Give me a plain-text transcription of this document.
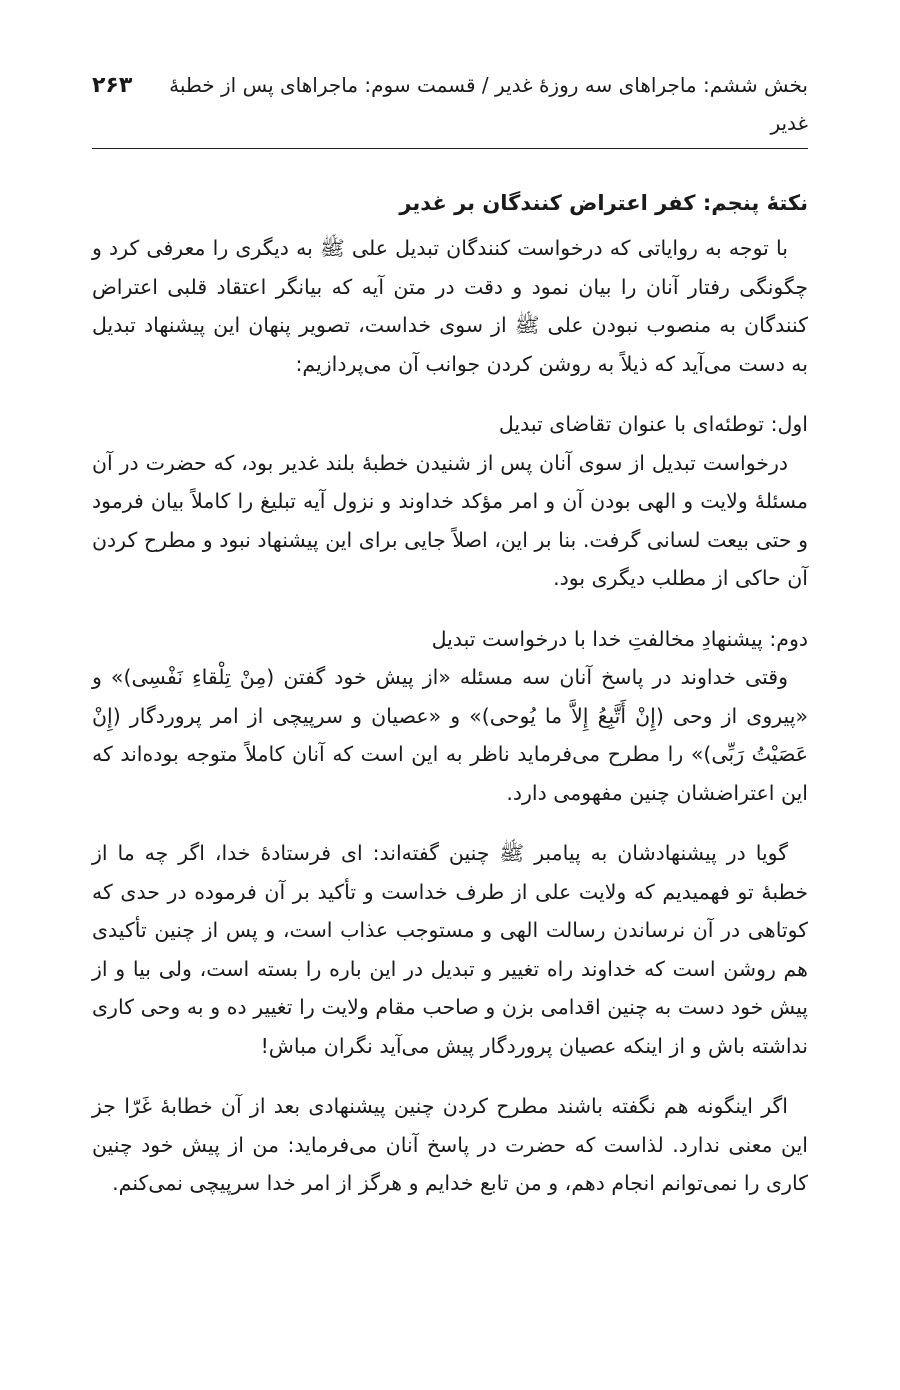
بخش ششم: ماجراهای سه روزۀ غدیر / قسمت سوم: ماجراهای پس از خطبۀ غدیر
۲۶۳
نکتۀ پنجم: کفر اعتراض کنندگان بر غدیر

با توجه به روایاتی که درخواست کنندگان تبدیل علی ﷺ به دیگری را معرفی کرد و چگونگی رفتار آنان را بیان نمود و دقت در متن آیه که بیانگر اعتقاد قلبی اعتراض کنندگان به منصوب نبودن علی ﷺ از سوی خداست، تصویر پنهان این پیشنهاد تبدیل به دست می‌آید که ذیلاً به روشن کردن جوانب آن می‌پردازیم:

اول: توطئه‌ای با عنوان تقاضای تبدیل

درخواست تبدیل از سوی آنان پس از شنیدن خطبۀ بلند غدیر بود، که حضرت در آن مسئلۀ ولایت و الهی بودن آن و امر مؤکد خداوند و نزول آیه تبلیغ را کاملاً بیان فرمود و حتی بیعت لسانی گرفت. بنا بر این، اصلاً جایی برای این پیشنهاد نبود و مطرح کردن آن حاکی از مطلب دیگری بود.

دوم: پیشنهادِ مخالفتِ خدا با درخواست تبدیل

وقتی خداوند در پاسخ آنان سه مسئله «از پیش خود گفتن (مِنْ تِلْقاءِ نَفْسِی)» و «پیروی از وحی (إِنْ أَتَّبِعُ إِلاَّ ما یُوحی)» و «عصیان و سرپیچی از امر پروردگار (إِنْ عَصَیْتُ رَبِّی)» را مطرح می‌فرماید ناظر به این است که آنان کاملاً متوجه بوده‌اند که این اعتراضشان چنین مفهومی دارد.

گویا در پیشنهادشان به پیامبر ﷺ چنین گفته‌اند: ای فرستادۀ خدا، اگر چه ما از خطبۀ تو فهمیدیم که ولایت علی از طرف خداست و تأکید بر آن فرموده در حدی که کوتاهی در آن نرساندن رسالت الهی و مستوجب عذاب است، و پس از چنین تأکیدی هم روشن است که خداوند راه تغییر و تبدیل در این باره را بسته است، ولی بیا و از پیش خود دست به چنین اقدامی بزن و صاحب مقام ولایت را تغییر ده و به وحی کاری نداشته باش و از اینکه عصیان پروردگار پیش می‌آید نگران مباش!

اگر اینگونه هم نگفته باشند مطرح کردن چنین پیشنهادی بعد از آن خطابۀ غَرّا جز این معنی ندارد. لذاست که حضرت در پاسخ آنان می‌فرماید: من از پیش خود چنین کاری را نمی‌توانم انجام دهم، و من تابع خدایم و هرگز از امر خدا سرپیچی نمی‌کنم.
